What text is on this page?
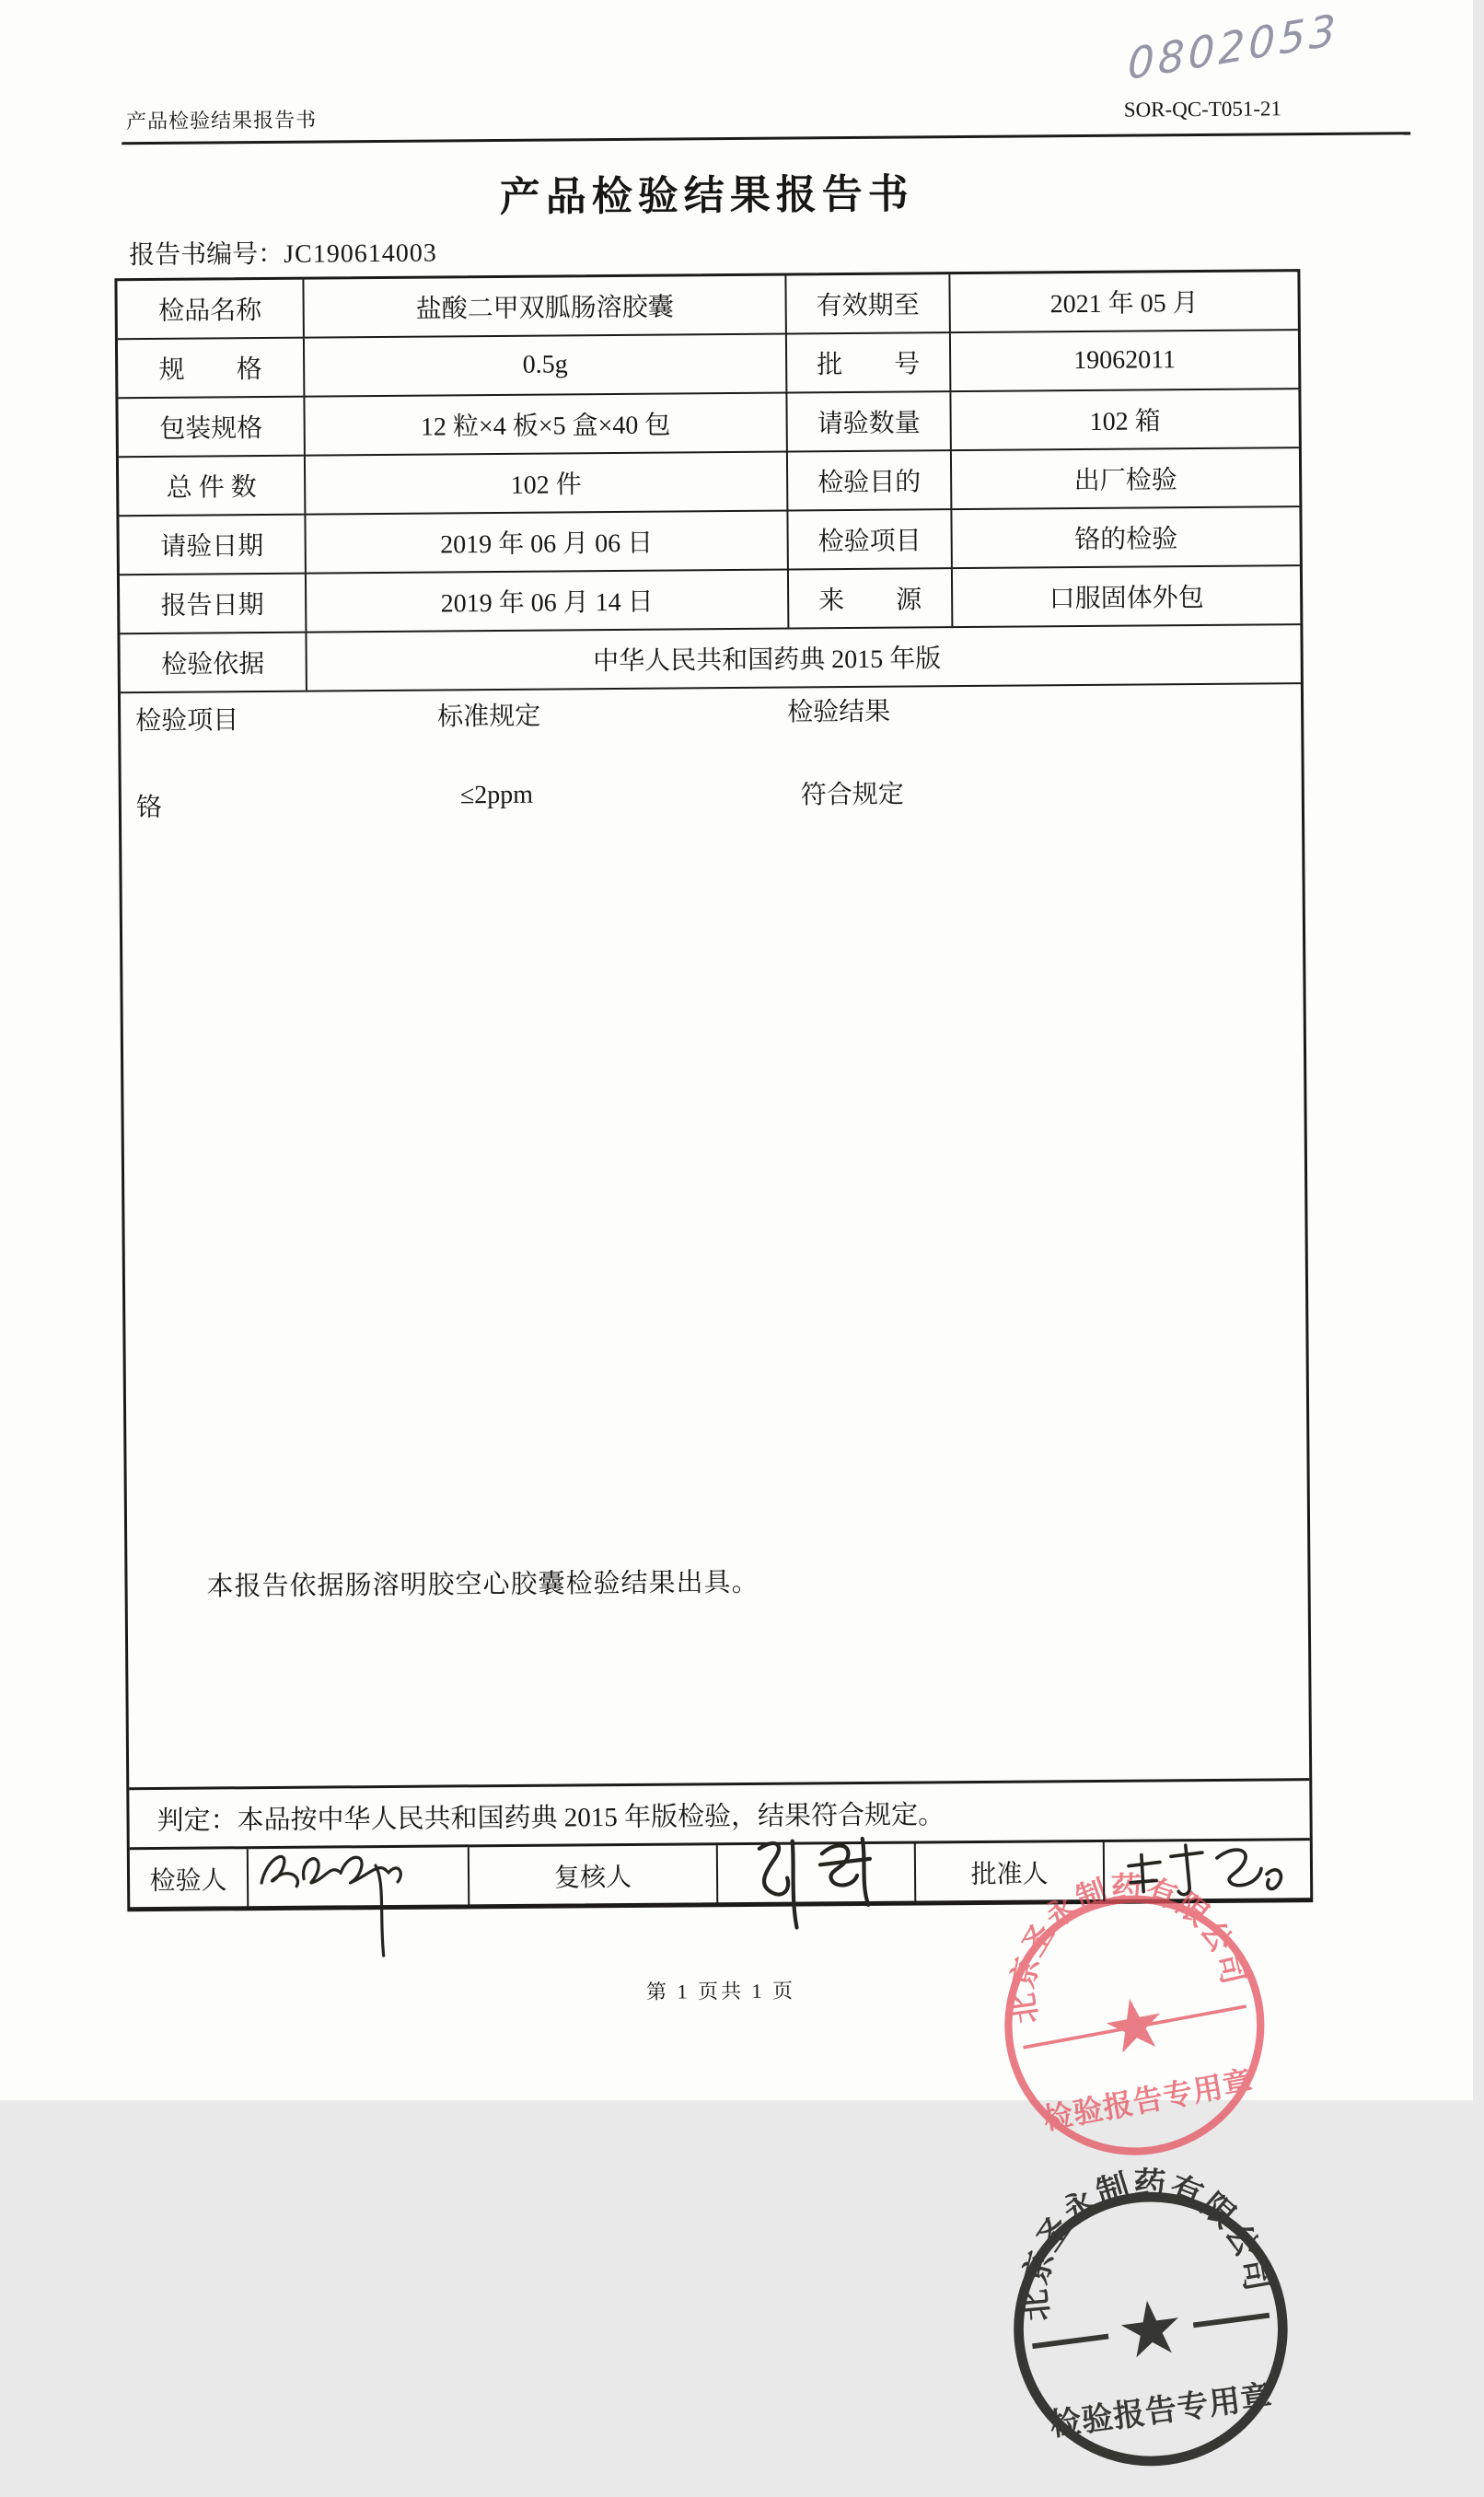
0802053
产品检验结果报告书	SOR-QC-T051-21
产品检验结果报告书
报告书编号：JC190614003
检品名称	盐酸二甲双胍肠溶胶囊	有效期至	2021 年 05 月
规　　格	0.5g	批　　号	19062011
包装规格	12 粒×4 板×5 盒×40 包	请验数量	102 箱
总 件 数	102 件	检验目的	出厂检验
请验日期	2019 年 06 月 06 日	检验项目	铬的检验
报告日期	2019 年 06 月 14 日	来　　源	口服固体外包
检验依据	中华人民共和国药典 2015 年版
检验项目	标准规定	检验结果
铬	≤2ppm	符合规定
本报告依据肠溶明胶空心胶囊检验结果出具。
北京圣永制药有限公司
检验报告专用章
北京圣永制药有限公司
检验报告专用章
判定：本品按中华人民共和国药典 2015 年版检验，结果符合规定。
检验人	复核人	批准人
第 1 页共 1 页
